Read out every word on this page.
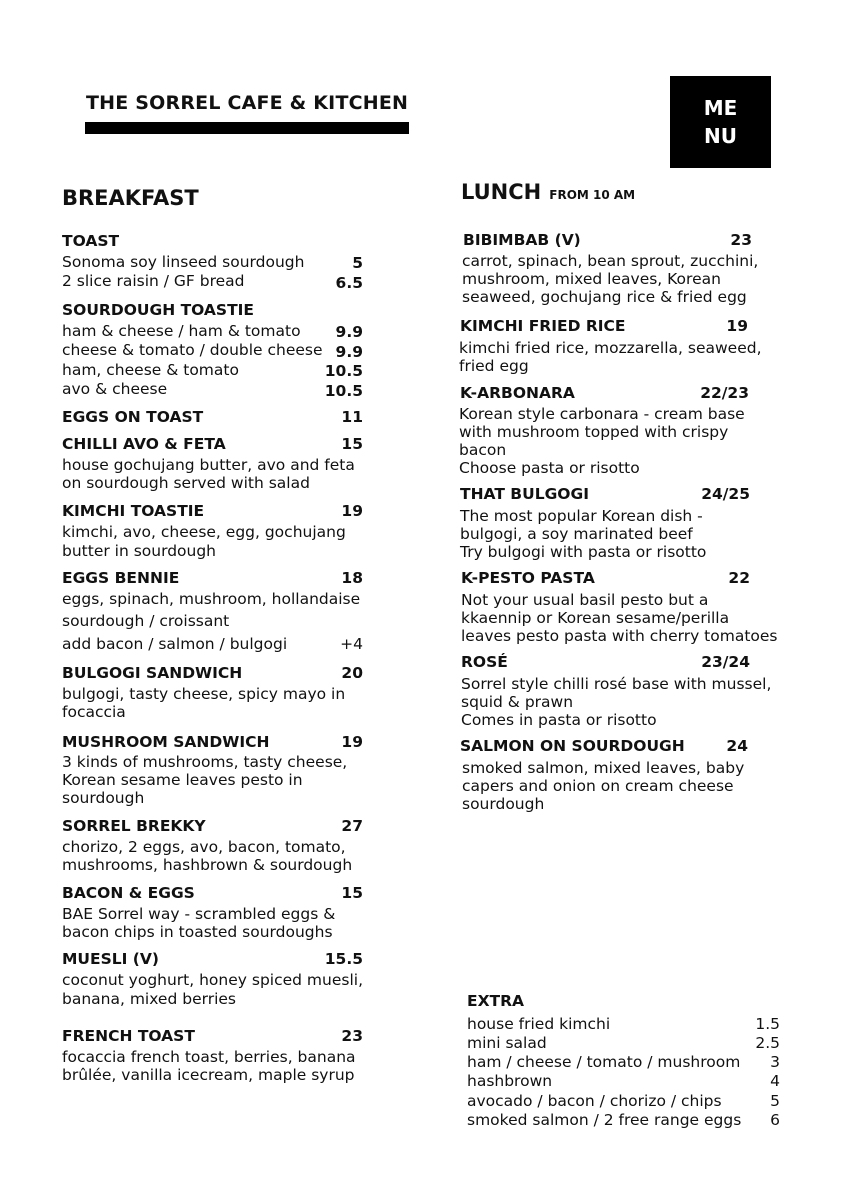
THE SORREL CAFE & KITCHEN	ME
NU
BREAKFAST
TOAST
Sonoma soy linseed sourdough	5
2 slice raisin / GF bread	6.5
SOURDOUGH TOASTIE
ham & cheese / ham & tomato	9.9
cheese & tomato / double cheese 9.9
ham, cheese & tomato	10.5
avo & cheese	10.5
EGGS ON TOAST	11
CHILLI AVO & FETA	15
house gochujang butter, avo and feta
on sourdough served with salad
KIMCHI TOASTIE	19
kimchi, avo, cheese, egg, gochujang
butter in sourdough
EGGS BENNIE	18
eggs, spinach, mushroom, hollandaise
sourdough / croissant
add bacon / salmon / bulgogi	+4
BULGOGI SANDWICH	20
bulgogi, tasty cheese, spicy mayo in
focaccia
MUSHROOM SANDWICH	19
3 kinds of mushrooms, tasty cheese,
Korean sesame leaves pesto in
sourdough
SORREL BREKKY	27
chorizo, 2 eggs, avo, bacon, tomato,
mushrooms, hashbrown & sourdough
BACON & EGGS	15
BAE Sorrel way - scrambled eggs &
bacon chips in toasted sourdoughs
MUESLI (V)	15.5
coconut yoghurt, honey spiced muesli,
banana, mixed berries
FRENCH TOAST	23
focaccia french toast, berries, banana
brûlée, vanilla icecream, maple syrup
LUNCH FROM 10 AM
BIBIMBAB (V)	23
carrot, spinach, bean sprout, zucchini,
mushroom, mixed leaves, Korean
seaweed, gochujang rice & fried egg
KIMCHI FRIED RICE	19
kimchi fried rice, mozzarella, seaweed,
fried egg
K-ARBONARA	22/23
Korean style carbonara - cream base
with mushroom topped with crispy
bacon
Choose pasta or risotto
THAT BULGOGI	24/25
The most popular Korean dish -
bulgogi, a soy marinated beef
Try bulgogi with pasta or risotto
K-PESTO PASTA	22
Not your usual basil pesto but a
kkaennip or Korean sesame/perilla
leaves pesto pasta with cherry tomatoes
ROSÉ	23/24
Sorrel style chilli rosé base with mussel,
squid & prawn
Comes in pasta or risotto
SALMON ON SOURDOUGH	24
smoked salmon, mixed leaves, baby
capers and onion on cream cheese
sourdough
EXTRA
house fried kimchi	1.5
mini salad	2.5
ham / cheese / tomato / mushroom	3
hashbrown	4
avocado / bacon / chorizo / chips	5
smoked salmon / 2 free range eggs	6
